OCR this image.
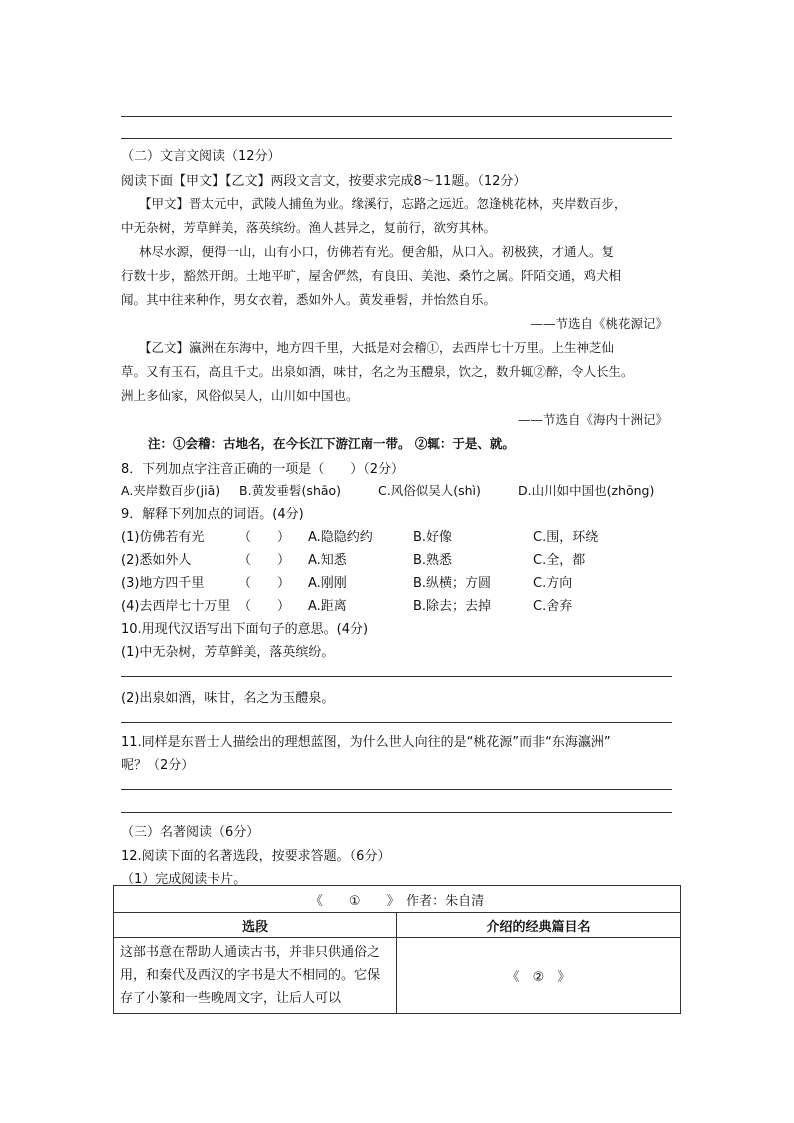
（二）文言文阅读（12分）
阅读下面【甲文】【乙文】两段文言文，按要求完成8～11题。（12分）
【甲文】晋太元中，武陵人捕鱼为业。缘溪行，忘路之远近。忽逢桃花林，夹岸数百步，
中无杂树，芳草鲜美，落英缤纷。渔人甚异之，复前行，欲穷其林。
林尽水源，便得一山，山有小口，仿佛若有光。便舍船，从口入。初极狭，才通人。复
行数十步，豁然开朗。土地平旷，屋舍俨然，有良田、美池、桑竹之属。阡陌交通，鸡犬相
闻。其中往来种作，男女衣着，悉如外人。黄发垂髫，并怡然自乐。
——节选自《桃花源记》
【乙文】瀛洲在东海中，地方四千里，大抵是对会稽①，去西岸七十万里。上生神芝仙
草。又有玉石，高且千丈。出泉如酒，味甘，名之为玉醴泉，饮之，数升辄②醉，令人长生。
洲上多仙家，风俗似吴人，山川如中国也。
——节选自《海内十洲记》
注：①会稽：古地名，在今长江下游江南一带。 ②辄：于是、就。
8．下列加点字注音正确的一项是（　　）（2分）
A.夹岸数百步(jiā) B.黄发垂髫(shāo)	C.风俗似吴人(shì)	D.山川如中国也(zhōng)
9．解释下列加点的词语。(4分)
(1)仿佛若有光	（　　） A.隐隐约约	B.好像	C.围，环绕
(2)悉如外人	（　　） A.知悉	B.熟悉	C.全，都
(3)地方四千里	（　　） A.刚刚	B.纵横；方圆	C.方向
(4)去西岸七十万里 （　　） A.距离	B.除去；去掉	C.舍弃
10.用现代汉语写出下面句子的意思。(4分)
(1)中无杂树，芳草鲜美，落英缤纷。
(2)出泉如酒，味甘，名之为玉醴泉。
11.同样是东晋士人描绘出的理想蓝图，为什么世人向往的是“桃花源”而非“东海瀛洲”
呢？（2分）
（三）名著阅读（6分）
12.阅读下面的名著选段，按要求答题。（6分）
（1）完成阅读卡片。
《　　①　　》　作者：朱自清	
选段	介绍的经典篇目名
这部书意在帮助人通读古书，并非只供通俗之用，和秦代及西汉的字书是大不相同的。它保存了小篆和一些晚周文字，让后人可以	《　②　》
